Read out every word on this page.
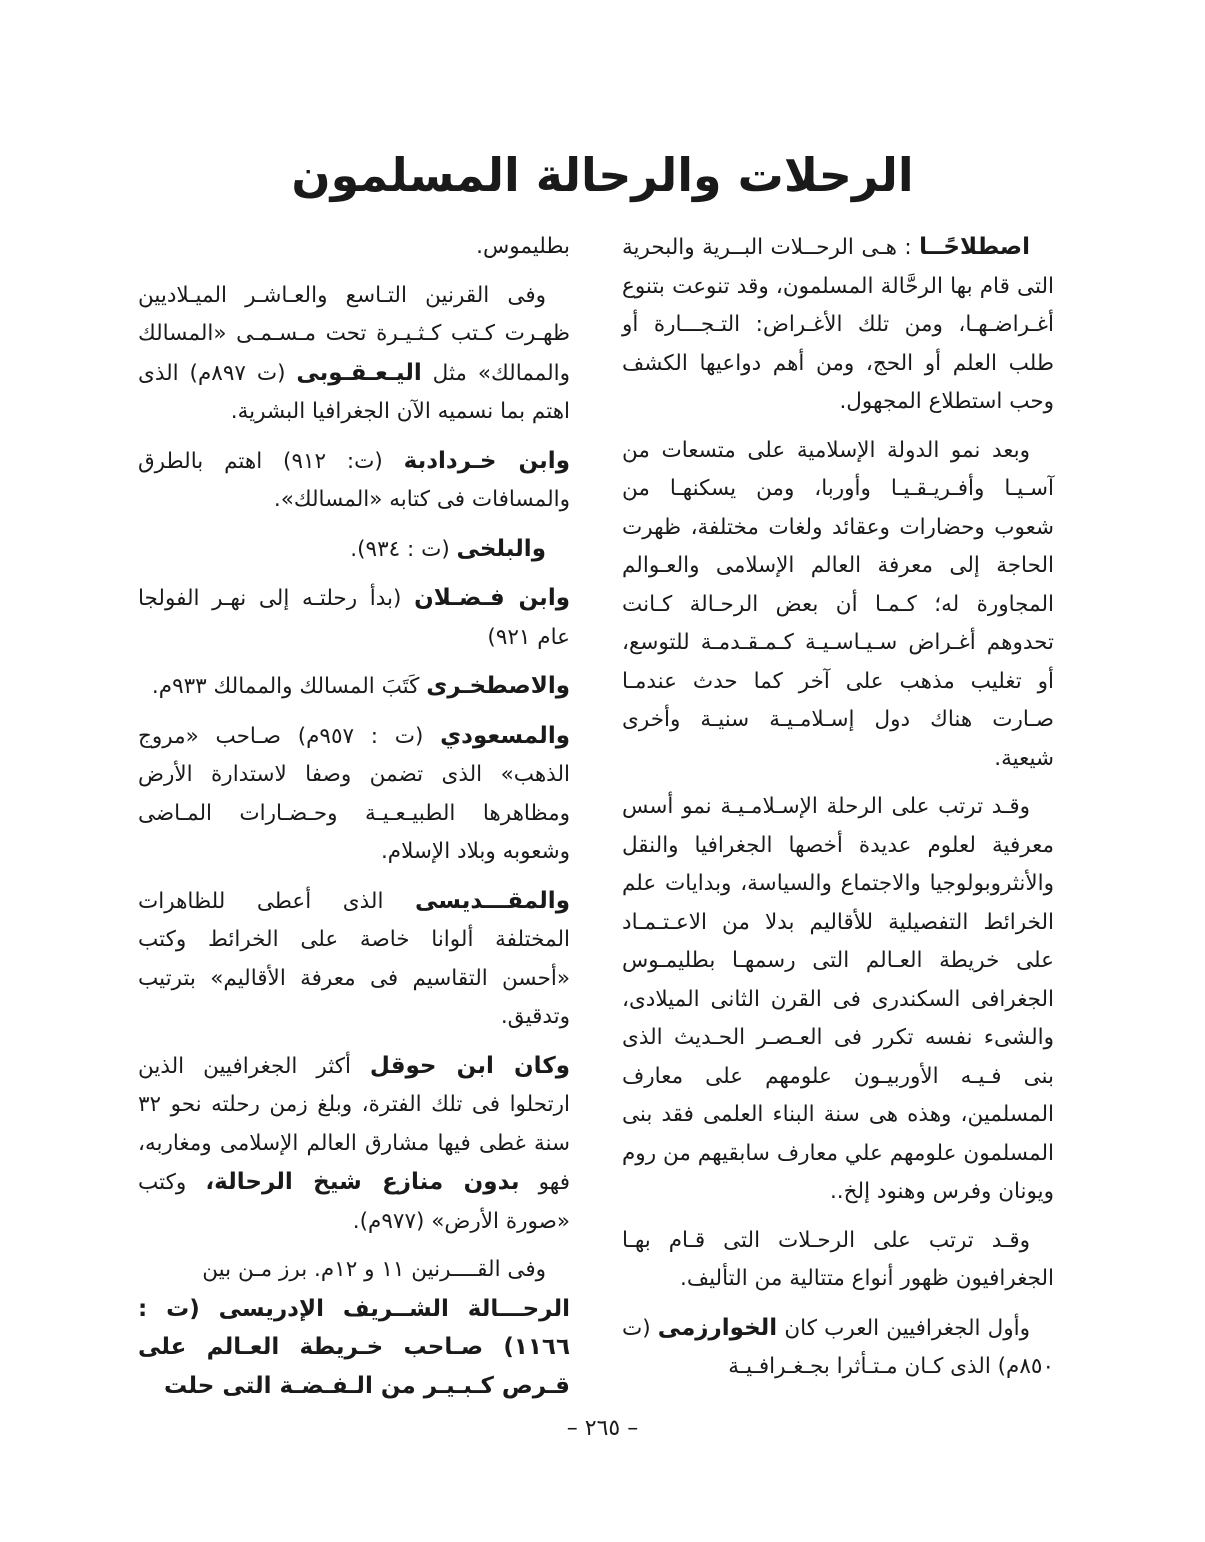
الرحلات والرحالة المسلمون

اصطلاحًــا : هـى الرحــلات البــرية والبحرية التى قام بها الرحَّالة المسلمون، وقد تنوعت بتنوع أغـراضـهـا، ومن تلك الأغـراض: التـجـــارة أو طلب العلم أو الحج، ومن أهم دواعيها الكشف وحب استطلاع المجهول.

وبعد نمو الدولة الإسلامية على متسعات من آسـيـا وأفـريـقـيـا وأوربا، ومن يسكنهـا من شعوب وحضارات وعقائد ولغات مختلفة، ظهرت الحاجة إلى معرفة العالم الإسلامى والعـوالم المجاورة له؛ كـمـا أن بعض الرحـالة كـانت تحدوهم أغـراض سـيـاسـيـة كـمـقـدمـة للتوسع، أو تغليب مذهب على آخر كما حدث عندمـا صـارت هناك دول إسـلامـيـة سنيـة وأخرى شيعية.

وقـد ترتب على الرحلة الإسـلامـيـة نمو أسس معرفية لعلوم عديدة أخصها الجغرافيا والنقل والأنثروبولوجيا والاجتماع والسياسة، وبدايات علم الخرائط التفصيلية للأقاليم بدلا من الاعـتـمـاد على خريطة العـالم التى رسمهـا بطليمـوس الجغرافى السكندرى فى القرن الثانى الميلادى، والشىء نفسه تكرر فى العـصـر الحـديث الذى بنى فـيـه الأوربيـون علومهم على معارف المسلمين، وهذه هى سنة البناء العلمى فقد بنى المسلمون علومهم علي معارف سابقيهم من روم ويونان وفرس وهنود إلخ..

وقـد ترتب على الرحـلات التى قـام بهـا الجغرافيون ظهور أنواع متتالية من التأليف.

وأول الجغرافيين العرب كان الخوارزمى (ت ٨٥٠م) الذى كـان مـتـأثرا بجـغـرافـيـة

بطليموس.

وفى القرنين التـاسع والعـاشـر الميـلاديين ظهـرت كـتب كـثـيـرة تحت مـسـمـى «المسالك والممالك» مثل اليـعـقـوبى (ت ٨٩٧م) الذى اهتم بما نسميه الآن الجغرافيا البشرية.

وابن خـردادبة (ت: ٩١٢) اهتم بالطرق والمسافات فى كتابه «المسالك».

والبلخى (ت : ٩٣٤).

وابن فـضـلان (بدأ رحلتـه إلى نهـر الفولجا عام ٩٢١)

والاصطخـرى كَتَبَ المسالك والممالك ٩٣٣م.

والمسعودي (ت : ٩٥٧م) صـاحب «مروج الذهب» الذى تضمن وصفا لاستدارة الأرض ومظاهرها الطبيـعـيـة وحـضـارات المـاضى وشعوبه وبلاد الإسلام.

والمقـــديسى الذى أعطى للظاهرات المختلفة ألوانا خاصة على الخرائط وكتب «أحسن التقاسيم فى معرفة الأقاليم» بترتيب وتدقيق.

وكان ابن حوقل أكثر الجغرافيين الذين ارتحلوا فى تلك الفترة، وبلغ زمن رحلته نحو ٣٢ سنة غطى فيها مشارق العالم الإسلامى ومغاربه، فهو بدون منازع شيخ الرحالة، وكتب «صورة الأرض» (٩٧٧م).

وفى القــــرنين ١١ و ١٢م. برز مـن بين

الرحـــالة الشــريف الإدريسى (ت : ١١٦٦) صـاحب خـريطة العـالم على قـرص كـبـيـر من الـفـضـة التى حلت

– ٢٦٥ –
